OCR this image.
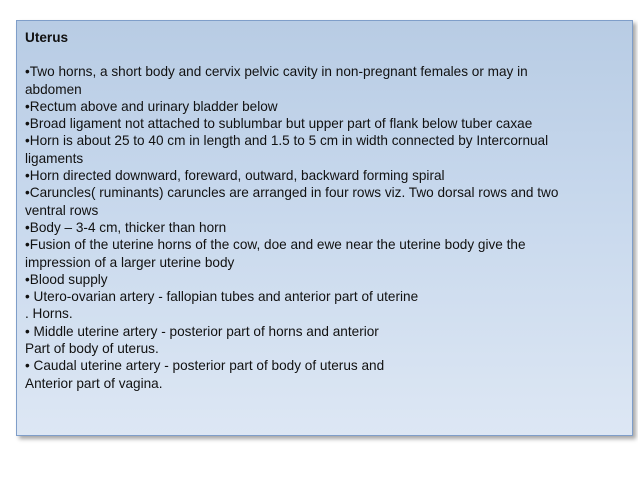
Uterus
•Two horns, a short body and cervix pelvic cavity in non-pregnant females or may in
abdomen
•Rectum above and urinary bladder below
•Broad ligament not attached to sublumbar but upper part of flank below tuber caxae
•Horn is about 25 to 40 cm in length and 1.5 to 5 cm in width connected by Intercornual
ligaments
•Horn directed downward, foreward, outward, backward forming spiral
•Caruncles( ruminants) caruncles are arranged in four rows viz. Two dorsal rows and two
ventral rows
•Body – 3-4 cm, thicker than horn
•Fusion of the uterine horns of the cow, doe and ewe near the uterine body give the
impression of a larger uterine body
•Blood supply
• Utero-ovarian artery - fallopian tubes and anterior part of uterine
. Horns.
• Middle uterine artery - posterior part of horns and anterior
Part of body of uterus.
• Caudal uterine artery - posterior part of body of uterus and
Anterior part of vagina.
